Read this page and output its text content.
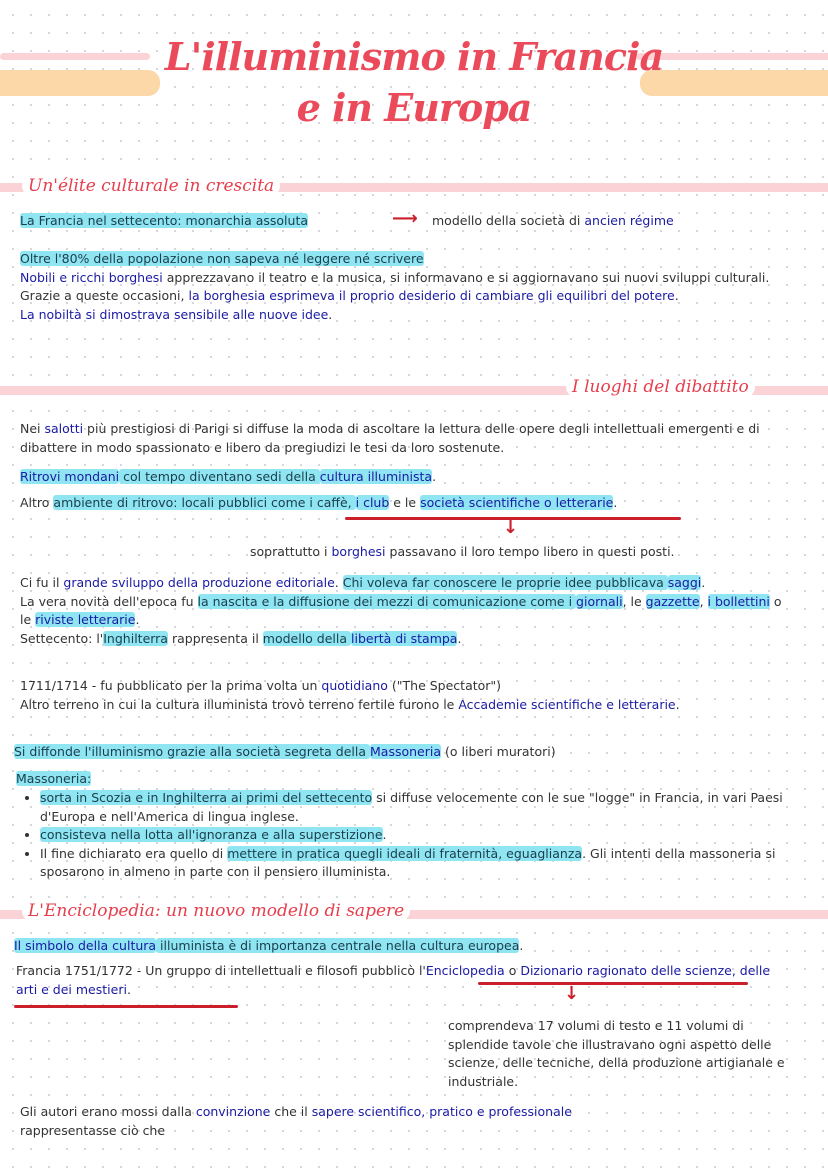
L'illuminismo in Francia
e in Europa
Un'élite culturale in crescita
La Francia nel settecento: monarchia assoluta	⟶ modello della società di ancien régime
Oltre l'80% della popolazione non sapeva né leggere né scrivere
Nobili e ricchi borghesi apprezzavano il teatro e la musica, si informavano e si aggiornavano sui nuovi sviluppi culturali.
Grazie a queste occasioni, la borghesia esprimeva il proprio desiderio di cambiare gli equilibri del potere.
La nobiltà si dimostrava sensibile alle nuove idee.
I luoghi del dibattito
Nei salotti più prestigiosi di Parigi si diffuse la moda di ascoltare la lettura delle opere degli intellettuali emergenti e di dibattere in modo spassionato e libero da pregiudizi le tesi da loro sostenute.
Ritrovi mondani col tempo diventano sedi della cultura illuminista.
Altro ambiente di ritrovo: locali pubblici come i caffè, i club e le società scientifiche o letterarie.
↓
soprattutto i borghesi passavano il loro tempo libero in questi posti.
Ci fu il grande sviluppo della produzione editoriale. Chi voleva far conoscere le proprie idee pubblicava saggi.
La vera novità dell'epoca fu la nascita e la diffusione dei mezzi di comunicazione come i giornali, le gazzette, i bollettini o le riviste letterarie.
Settecento: l'Inghilterra rappresenta il modello della libertà di stampa.
1711/1714 - fu pubblicato per la prima volta un quotidiano ("The Spectator")
Altro terreno in cui la cultura illuminista trovò terreno fertile furono le Accademie scientifiche e letterarie.
Si diffonde l'illuminismo grazie alla società segreta della Massoneria (o liberi muratori)
Massoneria:
• sorta in Scozia e in Inghilterra ai primi del settecento si diffuse velocemente con le sue "logge" in Francia, in vari Paesi d'Europa e nell'America di lingua inglese.
• consisteva nella lotta all'ignoranza e alla superstizione.
• Il fine dichiarato era quello di mettere in pratica quegli ideali di fraternità, eguaglianza. Gli intenti della massoneria si sposarono in almeno in parte con il pensiero illuminista.
L'Enciclopedia: un nuovo modello di sapere
Il simbolo della cultura illuminista è di importanza centrale nella cultura europea.
Francia 1751/1772 - Un gruppo di intellettuali e filosofi pubblicò l'Enciclopedia o Dizionario ragionato delle scienze, delle arti e dei mestieri.	↓
comprendeva 17 volumi di testo e 11 volumi di splendide tavole che illustravano ogni aspetto delle scienze, delle tecniche, della produzione artigianale e industriale.
Gli autori erano mossi dalla convinzione che il sapere scientifico, pratico e professionale
rappresentasse ciò che
